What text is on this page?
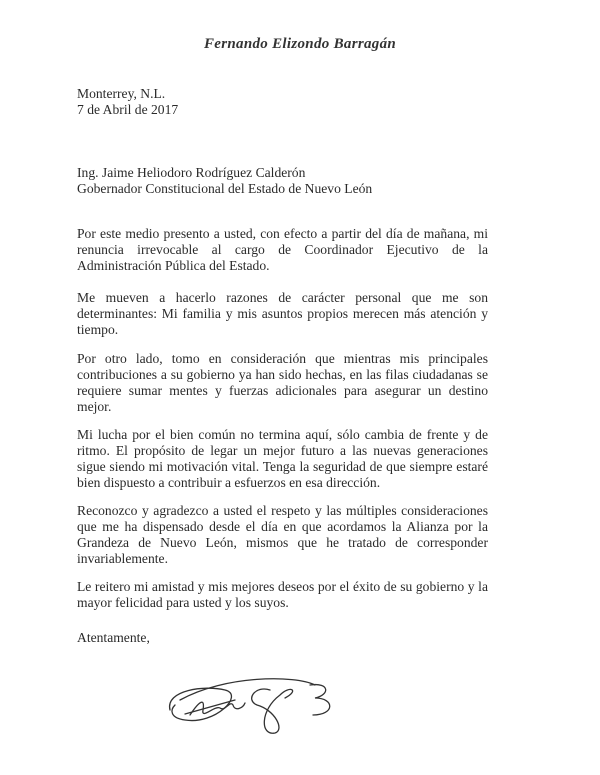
Fernando Elizondo Barragán
Monterrey, N.L.
7 de Abril de 2017
Ing. Jaime Heliodoro Rodríguez Calderón
Gobernador Constitucional del Estado de Nuevo León
Por este medio presento a usted, con efecto a partir del día de mañana, mi renuncia irrevocable al cargo de Coordinador Ejecutivo de la Administración Pública del Estado.
Me mueven a hacerlo razones de carácter personal que me son determinantes: Mi familia y mis asuntos propios merecen más atención y tiempo.
Por otro lado, tomo en consideración que mientras mis principales contribuciones a su gobierno ya han sido hechas, en las filas ciudadanas se requiere sumar mentes y fuerzas adicionales para asegurar un destino mejor.
Mi lucha por el bien común no termina aquí, sólo cambia de frente y de ritmo. El propósito de legar un mejor futuro a las nuevas generaciones sigue siendo mi motivación vital. Tenga la seguridad de que siempre estaré bien dispuesto a contribuir a esfuerzos en esa dirección.
Reconozco y agradezco a usted el respeto y las múltiples consideraciones que me ha dispensado desde el día en que acordamos la Alianza por la Grandeza de Nuevo León, mismos que he tratado de corresponder invariablemente.
Le reitero mi amistad y mis mejores deseos por el éxito de su gobierno y la mayor felicidad para usted y los suyos.
Atentamente,
